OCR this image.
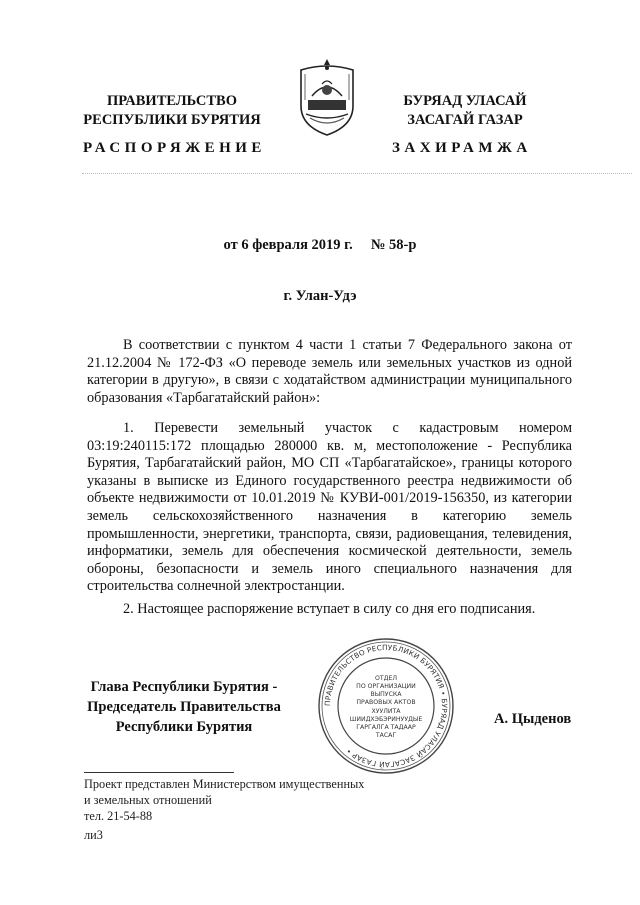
ПРАВИТЕЛЬСТВО
РЕСПУБЛИКИ БУРЯТИЯ
БУРЯАД УЛАСАЙ
ЗАСАГАЙ ГАЗАР
РАСПОРЯЖЕНИЕ	ЗАХИРАМЖА
от 6 февраля 2019 г.     № 58-р
г. Улан-Удэ

В соответствии с пунктом 4 части 1 статьи 7 Федерального закона от 21.12.2004 № 172-ФЗ «О переводе земель или земельных участков из одной категории в другую», в связи с ходатайством администрации муниципального образования «Тарбагатайский район»:

1. Перевести земельный участок с кадастровым номером 03:19:240115:172 площадью 280000 кв. м, местоположение - Республика Бурятия, Тарбагатайский район, МО СП «Тарбагатайское», границы которого указаны в выписке из Единого государственного реестра недвижимости об объекте недвижимости от 10.01.2019 № КУВИ-001/2019-156350, из категории земель сельскохозяйственного назначения в категорию земель промышленности, энергетики, транспорта, связи, радиовещания, телевидения, информатики, земель для обеспечения космической деятельности, земель обороны, безопасности и земель иного специального назначения для строительства солнечной электростанции.

2. Настоящее распоряжение вступает в силу со дня его подписания.

Глава Республики Бурятия -
Председатель Правительства
Республики Бурятия
ПРАВИТЕЛЬСТВО РЕСПУБЛИКИ БУРЯТИЯ • БУРЯАД УЛАСАЙ ЗАСАГАЙ ГАЗАР •
ОТДЕЛ
ПО ОРГАНИЗАЦИИ
ВЫПУСКА
ПРАВОВЫХ АКТОВ
ХУУЛИТА
ШИИДХЭБЭРИНУУДЫЕ
ГАРГАЛГА ТАДААР
ТАСАГ
А. Цыденов
Проект представлен Министерством имущественных
и земельных отношений
тел. 21-54-88
ли3
